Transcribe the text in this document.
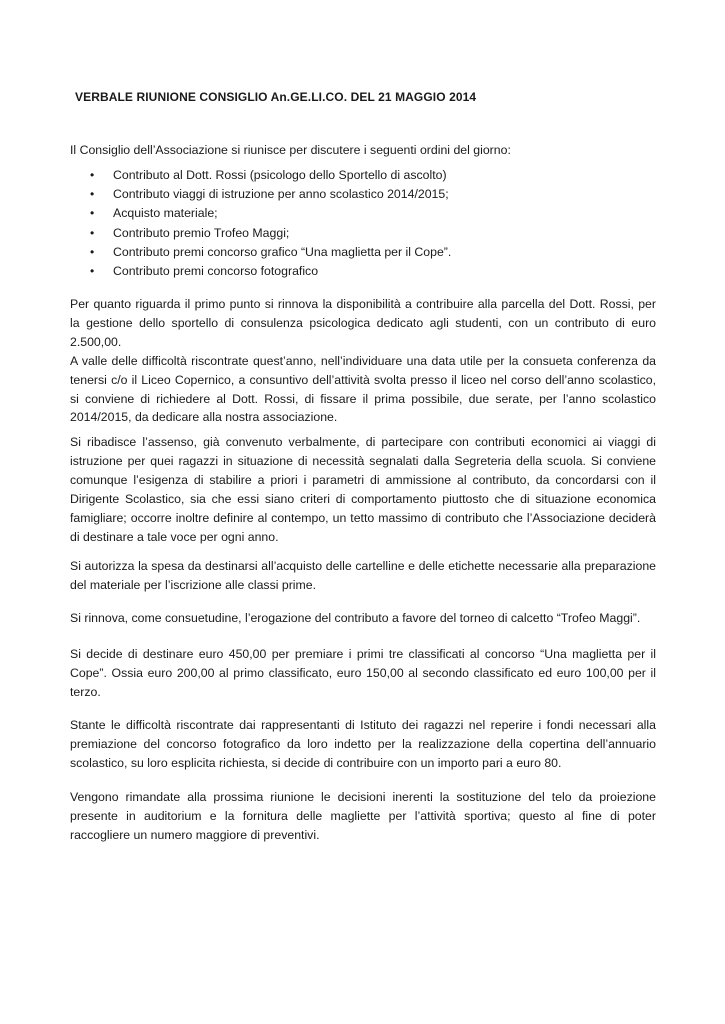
VERBALE RIUNIONE CONSIGLIO An.GE.LI.CO. DEL 21 MAGGIO 2014
Il Consiglio dell’Associazione si riunisce per discutere i seguenti ordini del giorno:
• Contributo al Dott. Rossi (psicologo dello Sportello di ascolto)
• Contributo viaggi di istruzione per anno scolastico 2014/2015;
• Acquisto materiale;
• Contributo premio Trofeo Maggi;
• Contributo premi concorso grafico “Una maglietta per il Cope”.
• Contributo premi concorso fotografico
Per quanto riguarda il primo punto si rinnova la disponibilità a contribuire alla parcella del Dott. Rossi, per
la gestione dello sportello di consulenza psicologica dedicato agli studenti, con un contributo di euro
2.500,00.
A valle delle difficoltà riscontrate quest’anno, nell’individuare una data utile per la consueta conferenza da
tenersi c/o il Liceo Copernico, a consuntivo dell’attività svolta presso il liceo nel corso dell’anno scolastico,
si conviene di richiedere al Dott. Rossi, di fissare il prima possibile, due serate, per l’anno scolastico
2014/2015, da dedicare alla nostra associazione.
Si ribadisce l’assenso, già convenuto verbalmente, di partecipare con contributi economici ai viaggi di
istruzione per quei ragazzi in situazione di necessità segnalati dalla Segreteria della scuola. Si conviene
comunque l’esigenza di stabilire a priori i parametri di ammissione al contributo, da concordarsi con il
Dirigente Scolastico, sia che essi siano criteri di comportamento piuttosto che di situazione economica
famigliare; occorre inoltre definire al contempo, un tetto massimo di contributo che l’Associazione deciderà
di destinare a tale voce per ogni anno.
Si autorizza la spesa da destinarsi all’acquisto delle cartelline e delle etichette necessarie alla preparazione
del materiale per l’iscrizione alle classi prime.
Si rinnova, come consuetudine, l’erogazione del contributo a favore del torneo di calcetto “Trofeo Maggi”.
Si decide di destinare euro 450,00 per premiare i primi tre classificati al concorso “Una maglietta per il
Cope”. Ossia euro 200,00 al primo classificato, euro 150,00 al secondo classificato ed euro 100,00 per il
terzo.
Stante le difficoltà riscontrate dai rappresentanti di Istituto dei ragazzi nel reperire i fondi necessari alla
premiazione del concorso fotografico da loro indetto per la realizzazione della copertina dell’annuario
scolastico, su loro esplicita richiesta, si decide di contribuire con un importo pari a euro 80.
Vengono rimandate alla prossima riunione le decisioni inerenti la sostituzione del telo da proiezione
presente in auditorium e la fornitura delle magliette per l’attività sportiva; questo al fine di poter
raccogliere un numero maggiore di preventivi.
